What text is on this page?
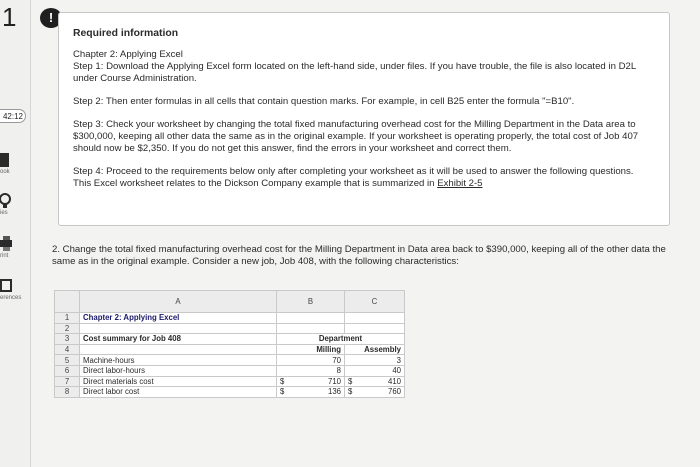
1
42:12
ook
ies
rint
erences
!
Required information
Chapter 2: Applying Excel
Step 1: Download the Applying Excel form located on the left-hand side, under files. If you have trouble, the file is also located in D2L under Course Administration.
Step 2: Then enter formulas in all cells that contain question marks. For example, in cell B25 enter the formula "=B10".
Step 3: Check your worksheet by changing the total fixed manufacturing overhead cost for the Milling Department in the Data area to $300,000, keeping all other data the same as in the original example. If your worksheet is operating properly, the total cost of Job 407 should now be $2,350. If you do not get this answer, find the errors in your worksheet and correct them.
Step 4: Proceed to the requirements below only after completing your worksheet as it will be used to answer the following questions.
This Excel worksheet relates to the Dickson Company example that is summarized in Exhibit 2-5

2. Change the total fixed manufacturing overhead cost for the Milling Department in Data area back to $390,000, keeping all of the other data the same as in the original example. Consider a new job, Job 408, with the following characteristics:

	A	B	C
1	Chapter 2: Applying Excel		
2			
3	Cost summary for Job 408	Department	
4		Milling	Assembly
5	Machine-hours	70	3
6	Direct labor-hours	8	40
7	Direct materials cost	$ 710	$ 410

8	Direct labor cost	$ 136	$ 760
